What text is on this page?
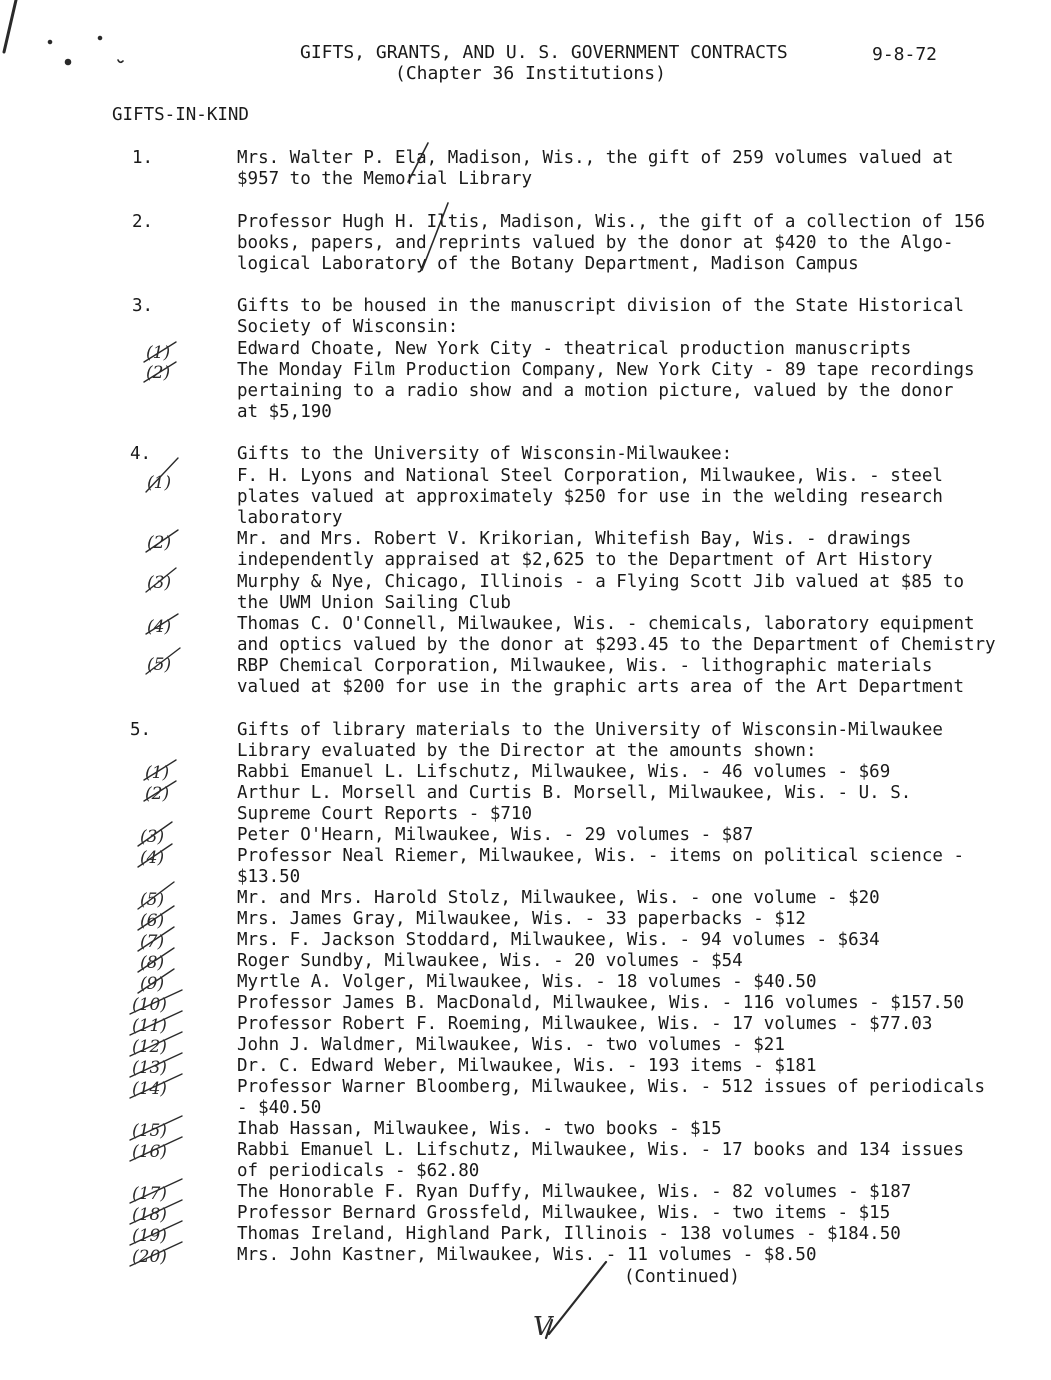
GIFTS, GRANTS, AND U. S. GOVERNMENT CONTRACTS
(Chapter 36 Institutions)
9-8-72
GIFTS-IN-KIND
1.	Mrs. Walter P. Ela, Madison, Wis., the gift of 259 volumes valued at
$957 to the Memorial Library
2.	Professor Hugh H. Iltis, Madison, Wis., the gift of a collection of 156
books, papers, and reprints valued by the donor at $420 to the Algo-
logical Laboratory of the Botany Department, Madison Campus
3.	Gifts to be housed in the manuscript division of the State Historical
Society of Wisconsin:
Edward Choate, New York City - theatrical production manuscripts
The Monday Film Production Company, New York City - 89 tape recordings
pertaining to a radio show and a motion picture, valued by the donor
at $5,190
4.	Gifts to the University of Wisconsin-Milwaukee:
F. H. Lyons and National Steel Corporation, Milwaukee, Wis. - steel
plates valued at approximately $250 for use in the welding research
laboratory
Mr. and Mrs. Robert V. Krikorian, Whitefish Bay, Wis. - drawings
independently appraised at $2,625 to the Department of Art History
Murphy & Nye, Chicago, Illinois - a Flying Scott Jib valued at $85 to
the UWM Union Sailing Club
Thomas C. O'Connell, Milwaukee, Wis. - chemicals, laboratory equipment
and optics valued by the donor at $293.45 to the Department of Chemistry
RBP Chemical Corporation, Milwaukee, Wis. - lithographic materials
valued at $200 for use in the graphic arts area of the Art Department
5.	Gifts of library materials to the University of Wisconsin-Milwaukee
Library evaluated by the Director at the amounts shown:
Rabbi Emanuel L. Lifschutz, Milwaukee, Wis. - 46 volumes - $69
Arthur L. Morsell and Curtis B. Morsell, Milwaukee, Wis. - U. S.
Supreme Court Reports - $710
Peter O'Hearn, Milwaukee, Wis. - 29 volumes - $87
Professor Neal Riemer, Milwaukee, Wis. - items on political science -
$13.50
Mr. and Mrs. Harold Stolz, Milwaukee, Wis. - one volume - $20
Mrs. James Gray, Milwaukee, Wis. - 33 paperbacks - $12
Mrs. F. Jackson Stoddard, Milwaukee, Wis. - 94 volumes - $634
Roger Sundby, Milwaukee, Wis. - 20 volumes - $54
Myrtle A. Volger, Milwaukee, Wis. - 18 volumes - $40.50
Professor James B. MacDonald, Milwaukee, Wis. - 116 volumes - $157.50
Professor Robert F. Roeming, Milwaukee, Wis. - 17 volumes - $77.03
John J. Waldmer, Milwaukee, Wis. - two volumes - $21
Dr. C. Edward Weber, Milwaukee, Wis. - 193 items - $181
Professor Warner Bloomberg, Milwaukee, Wis. - 512 issues of periodicals
- $40.50
Ihab Hassan, Milwaukee, Wis. - two books - $15
Rabbi Emanuel L. Lifschutz, Milwaukee, Wis. - 17 books and 134 issues
of periodicals - $62.80
The Honorable F. Ryan Duffy, Milwaukee, Wis. - 82 volumes - $187
Professor Bernard Grossfeld, Milwaukee, Wis. - two items - $15
Thomas Ireland, Highland Park, Illinois - 138 volumes - $184.50
Mrs. John Kastner, Milwaukee, Wis. - 11 volumes - $8.50
(Continued)
(1)
(2)
(1)
(2)
(3)
(4)
(5)
(1)
(2)
(3)
(4)
(5)
(6)
(7)
(8)
(9)
(10)
(11)
(12)
(13)
(14)
(15)
(16)
(17)
(18)
(19)
(20)
V
